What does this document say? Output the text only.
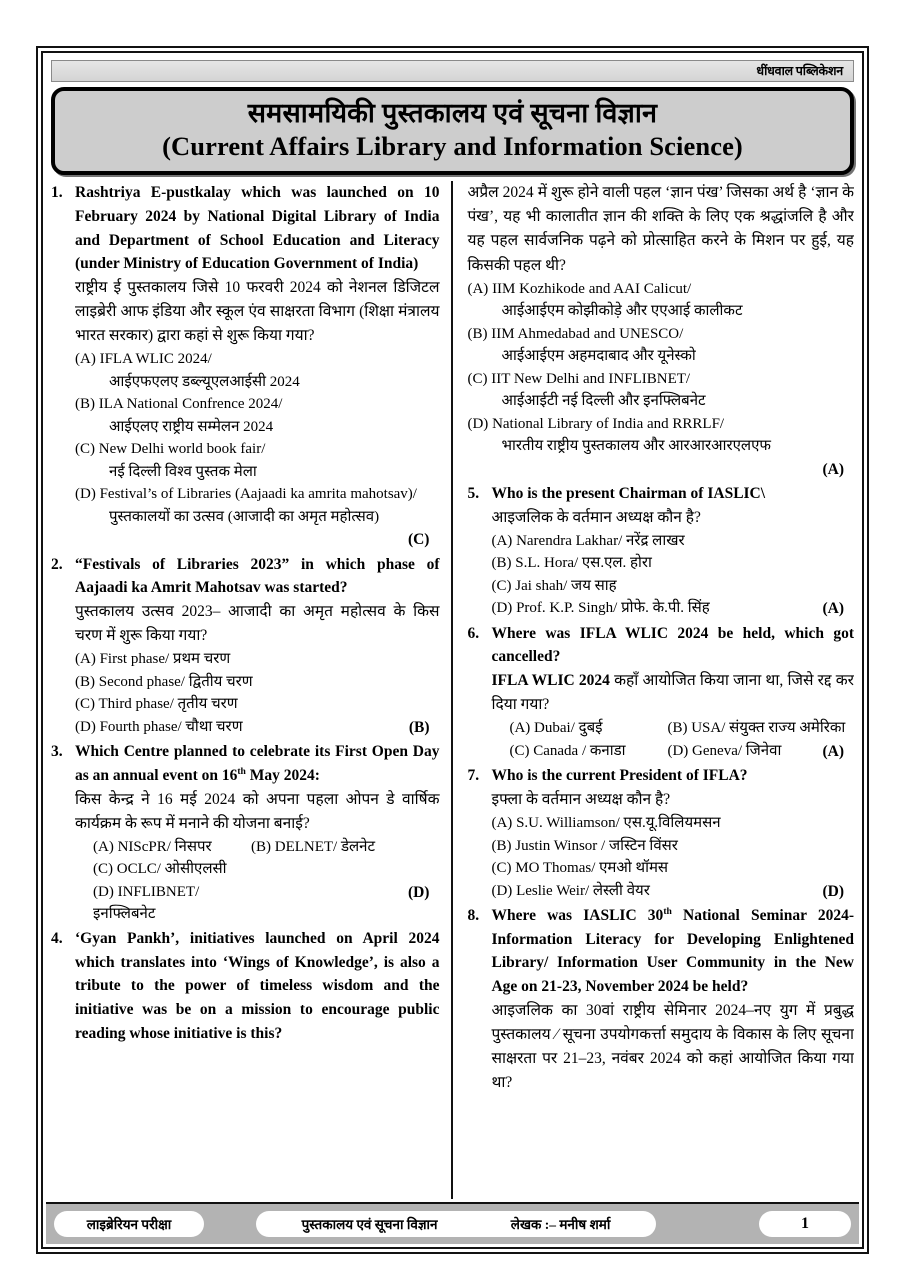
धींधवाल पब्लिकेशन
समसामयिकी पुस्तकालय एवं सूचना विज्ञान
(Current Affairs Library and Information Science)
1. Rashtriya E-pustkalay which was launched on 10 February 2024 by National Digital Library of India and Department of School Education and Literacy (under Ministry of Education Government of India)
राष्ट्रीय ई पुस्तकालय जिसे 10 फरवरी 2024 को नेशनल डिजिटल लाइब्रेरी आफ इंडिया और स्कूल एंव साक्षरता विभाग (शिक्षा मंत्रालय भारत सरकार) द्वारा कहां से शुरू किया गया?
(A) IFLA WLIC 2024/
आईएफएलए डब्ल्यूएलआईसी 2024
(B) ILA National Confrence 2024/
आईएलए राष्ट्रीय सम्मेलन 2024
(C) New Delhi world book fair/
नई दिल्ली विश्व पुस्तक मेला
(D) Festival’s of Libraries (Aajaadi ka amrita mahotsav)/
पुस्तकालयों का उत्सव (आजादी का अमृत महोत्सव)
(C)
2. “Festivals of Libraries 2023” in which phase of Aajaadi ka Amrit Mahotsav was started?
पुस्तकालय उत्सव 2023– आजादी का अमृत महोत्सव के किस चरण में शुरू किया गया?
(A) First phase/ प्रथम चरण
(B) Second phase/ द्वितीय चरण
(C) Third phase/ तृतीय चरण
(B)
(D) Fourth phase/ चौथा चरण
3. Which Centre planned to celebrate its First Open Day as an annual event on 16th May 2024:
किस केन्द्र ने 16 मई 2024 को अपना पहला ओपन डे वार्षिक कार्यक्रम के रूप में मनाने की योजना बनाई?
(A) NIScPR/ निसपर	(B) DELNET/ डेलनेट
(C) OCLC/ ओसीएलसी
(D) INFLIBNET/ इनफ्लिबनेट
(D)
4. ‘Gyan Pankh’, initiatives launched on April 2024 which translates into ‘Wings of Knowledge’, is also a tribute to the power of timeless wisdom and the initiative was be on a mission to encourage public reading whose initiative is this?
अप्रैल 2024 में शुरू होने वाली पहल ‘ज्ञान पंख’ जिसका अर्थ है ‘ज्ञान के पंख’, यह भी कालातीत ज्ञान की शक्ति के लिए एक श्रद्धांजलि है और यह पहल सार्वजनिक पढ़ने को प्रोत्साहित करने के मिशन पर हुई, यह किसकी पहल थी?
(A) IIM Kozhikode and AAI Calicut/
आईआईएम कोझीकोड़े और एएआई कालीकट
(B) IIM Ahmedabad and UNESCO/
आईआईएम अहमदाबाद और यूनेस्को
(C) IIT New Delhi and INFLIBNET/
आईआईटी नई दिल्ली और इनफ्लिबनेट
(D) National Library of India and RRRLF/
भारतीय राष्ट्रीय पुस्तकालय और आरआरआरएलएफ
(A)
5. Who is the present Chairman of IASLIC\
आइजलिक के वर्तमान अध्यक्ष कौन है?
(A) Narendra Lakhar/ नरेंद्र लाखर
(B) S.L. Hora/ एस.एल. होरा
(C) Jai shah/ जय साह
(A)
(D) Prof. K.P. Singh/ प्रोफे. के.पी. सिंह
6. Where was IFLA WLIC 2024 be held, which got cancelled?
IFLA WLIC 2024 कहाँ आयोजित किया जाना था, जिसे रद्द कर दिया गया?
(A) Dubai/ दुबई	(B) USA/ संयुक्त राज्य अमेरिका
(C) Canada / कनाडा	(D) Geneva/ जिनेवा	(A)
7. Who is the current President of IFLA?
इफ्ला के वर्तमान अध्यक्ष कौन है?
(A) S.U. Williamson/ एस.यू.विलियमसन
(B) Justin Winsor / जस्टिन विंसर
(C) MO Thomas/ एमओ थॉमस
(D)
(D) Leslie Weir/ लेस्ली वेयर
8. Where was IASLIC 30th National Seminar 2024-Information Literacy for Developing Enlightened Library/ Information User Community in the New Age on 21-23, November 2024 be held?
आइजलिक का 30वां राष्ट्रीय सेमिनार 2024–नए युग में प्रबुद्ध पुस्तकालय ⁄ सूचना उपयोगकर्त्ता समुदाय के विकास के लिए सूचना साक्षरता पर 21–23, नवंबर 2024 को कहां आयोजित किया गया था?
लाइब्रेरियन परीक्षा	पुस्तकालय एवं सूचना विज्ञान	लेखक :– मनीष शर्मा	1
